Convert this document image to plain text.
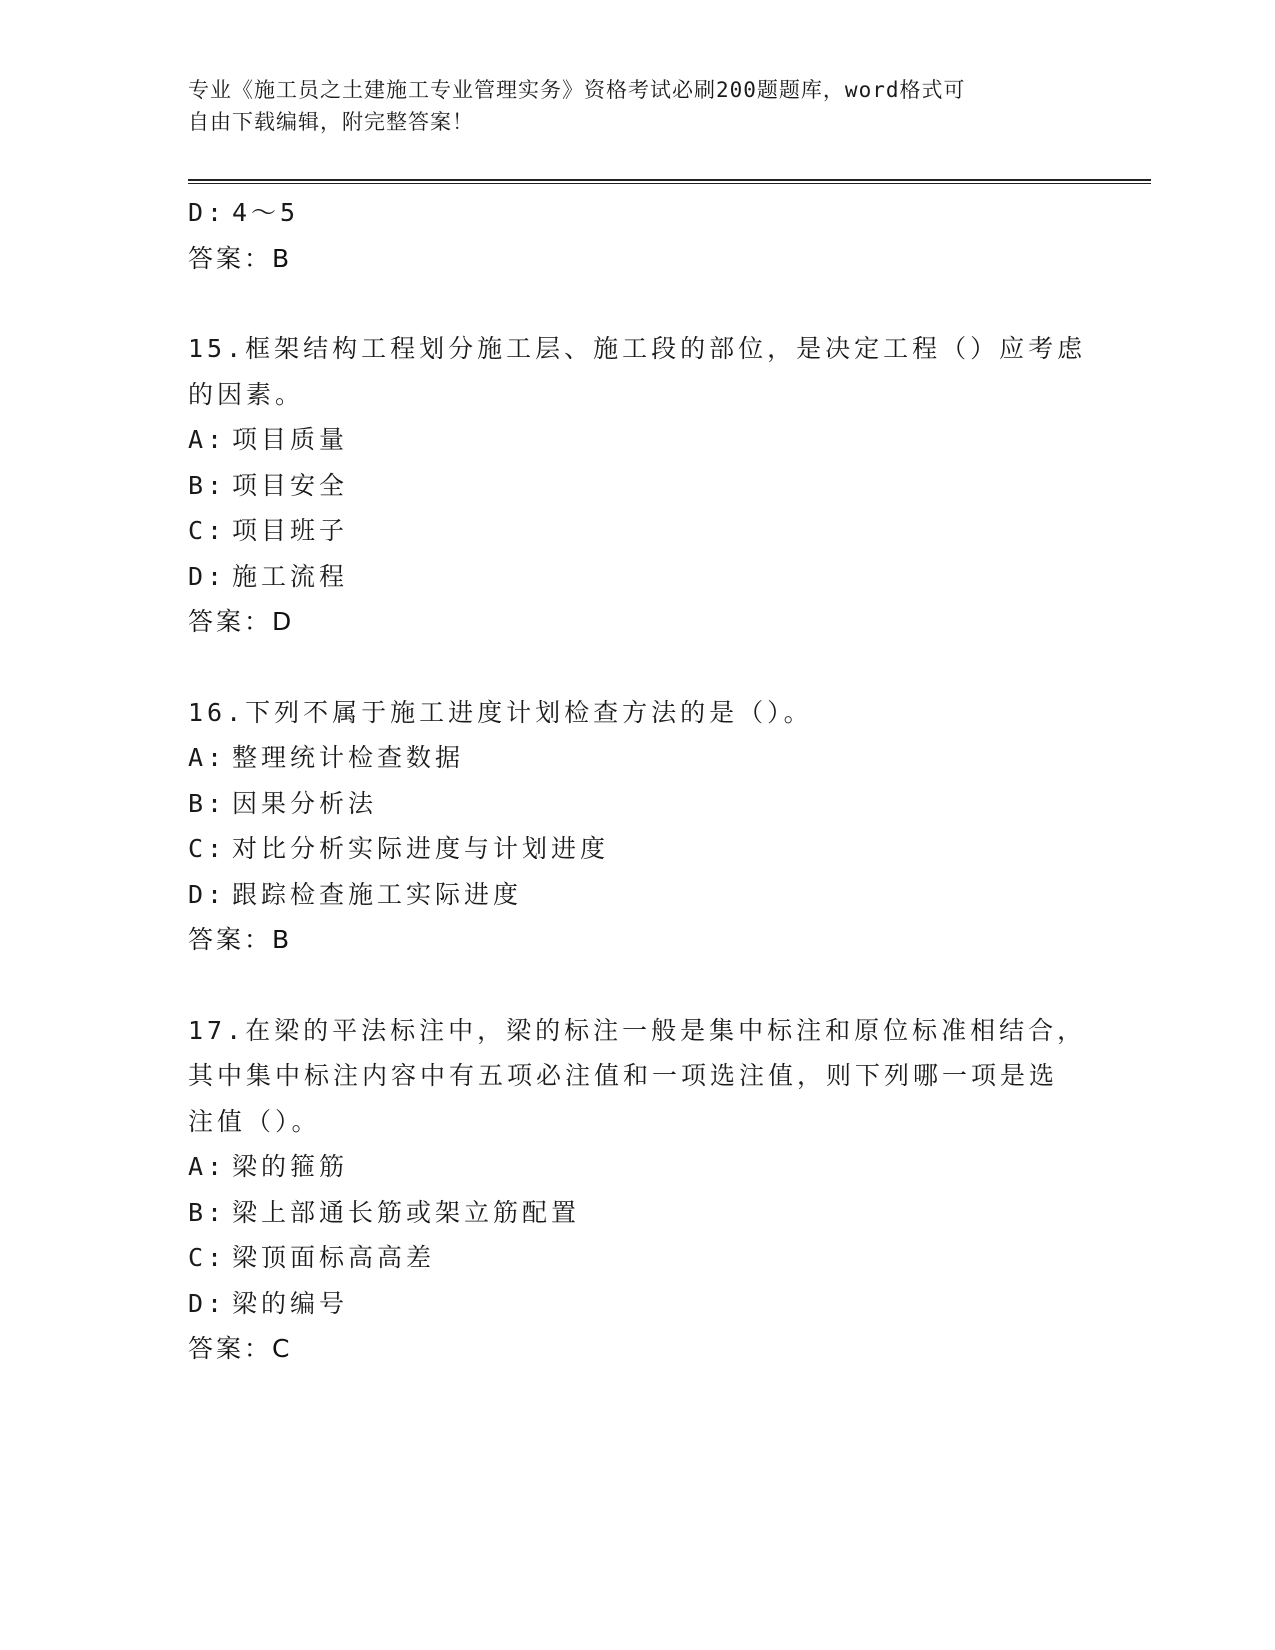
专业《施工员之土建施工专业管理实务》资格考试必刷200题题库，word格式可
自由下载编辑，附完整答案！
D: 4～5
答案：B
15.框架结构工程划分施工层、施工段的部位，是决定工程（）应考虑
的因素。
A: 项目质量
B: 项目安全
C: 项目班子
D: 施工流程
答案：D
16.下列不属于施工进度计划检查方法的是（）。
A: 整理统计检查数据
B: 因果分析法
C: 对比分析实际进度与计划进度
D: 跟踪检查施工实际进度
答案：B
17.在梁的平法标注中，梁的标注一般是集中标注和原位标准相结合，
其中集中标注内容中有五项必注值和一项选注值，则下列哪一项是选
注值（）。
A: 梁的箍筋
B: 梁上部通长筋或架立筋配置
C: 梁顶面标高高差
D: 梁的编号
答案：C
